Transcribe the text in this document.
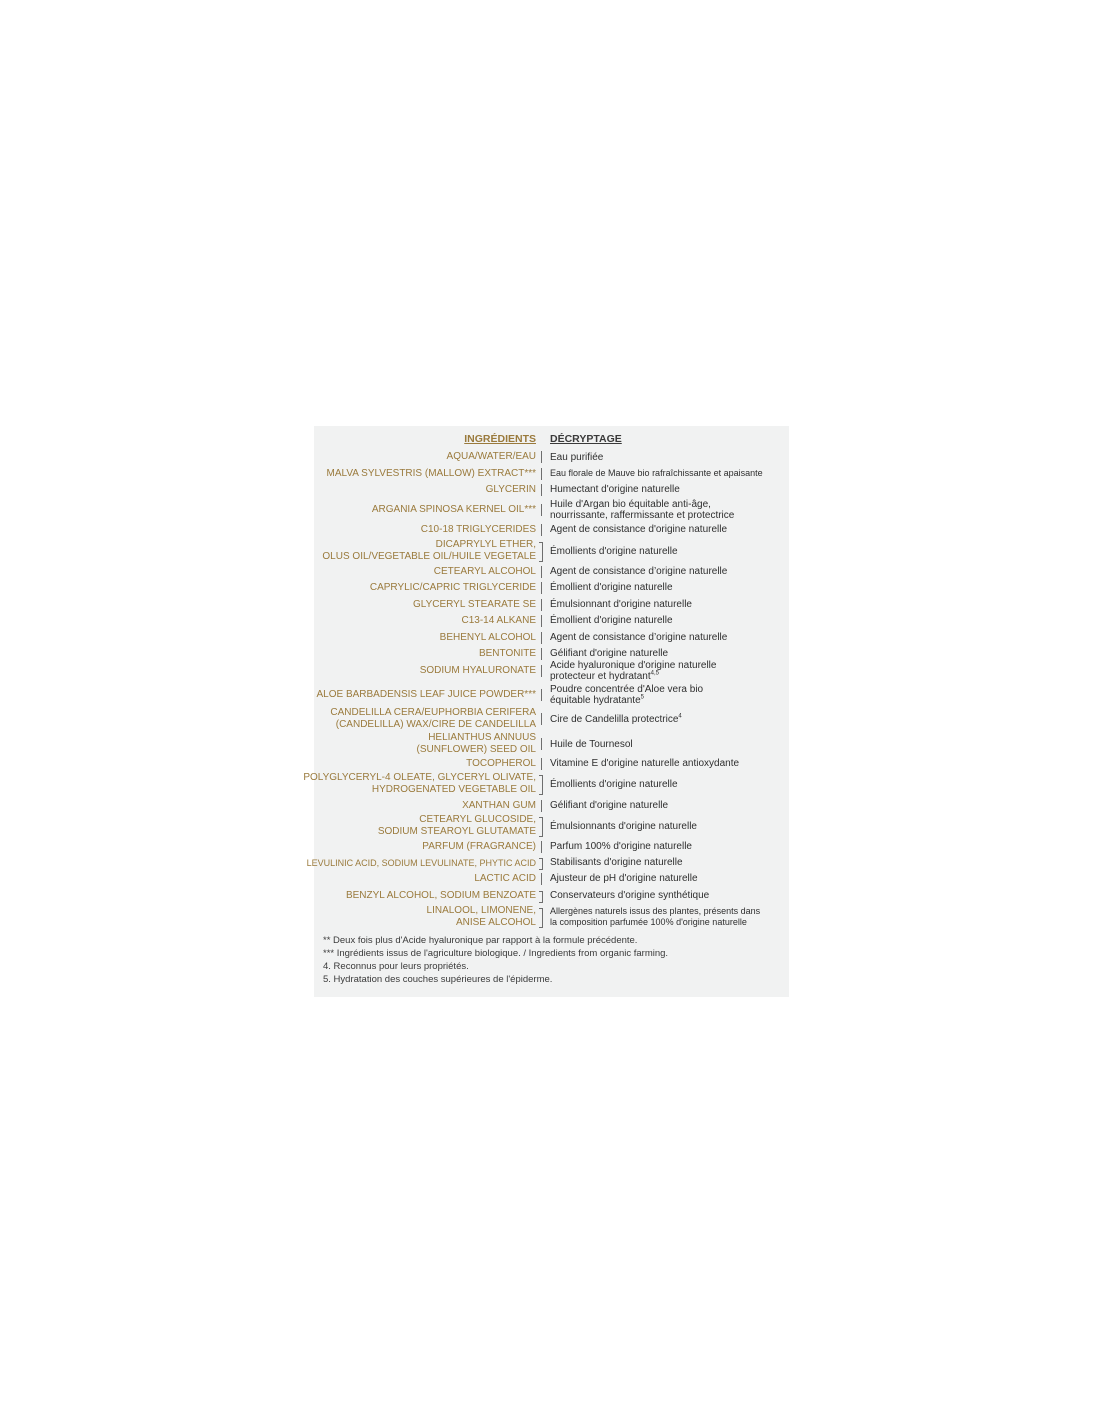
INGRÉDIENTS DÉCRYPTAGE
AQUA/WATER/EAU Eau purifiée
MALVA SYLVESTRIS (MALLOW) EXTRACT*** Eau florale de Mauve bio rafraîchissante et apaisante
GLYCERIN Humectant d'origine naturelle
ARGANIA SPINOSA KERNEL OIL*** Huile d'Argan bio équitable anti-âge,
nourrissante, raffermissante et protectrice
C10-18 TRIGLYCERIDES Agent de consistance d'origine naturelle
DICAPRYLYL ETHER,
OLUS OIL/VEGETABLE OIL/HUILE VEGETALE Émollients d'origine naturelle
CETEARYL ALCOHOL Agent de consistance d’origine naturelle
CAPRYLIC/CAPRIC TRIGLYCERIDE Émollient d'origine naturelle
GLYCERYL STEARATE SE Émulsionnant d'origine naturelle
C13-14 ALKANE Émollient d'origine naturelle
BEHENYL ALCOHOL Agent de consistance d’origine naturelle
BENTONITE Gélifiant d'origine naturelle
SODIUM HYALURONATE Acide hyaluronique d'origine naturelle
protecteur et hydratant$^{4,5}$
ALOE BARBADENSIS LEAF JUICE POWDER*** Poudre concentrée d'Aloe vera bio
équitable hydratante$^5$
CANDELILLA CERA/EUPHORBIA CERIFERA
(CANDELILLA) WAX/CIRE DE CANDELILLA Cire de Candelilla protectrice$^4$
HELIANTHUS ANNUUS
(SUNFLOWER) SEED OIL Huile de Tournesol
TOCOPHEROL Vitamine E d'origine naturelle antioxydante
POLYGLYCERYL-4 OLEATE, GLYCERYL OLIVATE,
HYDROGENATED VEGETABLE OIL Émollients d'origine naturelle
XANTHAN GUM Gélifiant d'origine naturelle
CETEARYL GLUCOSIDE,
SODIUM STEAROYL GLUTAMATE Émulsionnants d'origine naturelle
PARFUM (FRAGRANCE) Parfum 100% d'origine naturelle
LEVULINIC ACID, SODIUM LEVULINATE, PHYTIC ACID Stabilisants d'origine naturelle
LACTIC ACID Ajusteur de pH d'origine naturelle
BENZYL ALCOHOL, SODIUM BENZOATE Conservateurs d'origine synthétique
LINALOOL, LIMONENE,
ANISE ALCOHOL
Allergènes naturels issus des plantes, présents dans
la composition parfumée 100% d'origine naturelle
** Deux fois plus d'Acide hyaluronique par rapport à la formule précédente.
*** Ingrédients issus de l'agriculture biologique. / Ingredients from organic farming.
4. Reconnus pour leurs propriétés.
5. Hydratation des couches supérieures de l'épiderme.
